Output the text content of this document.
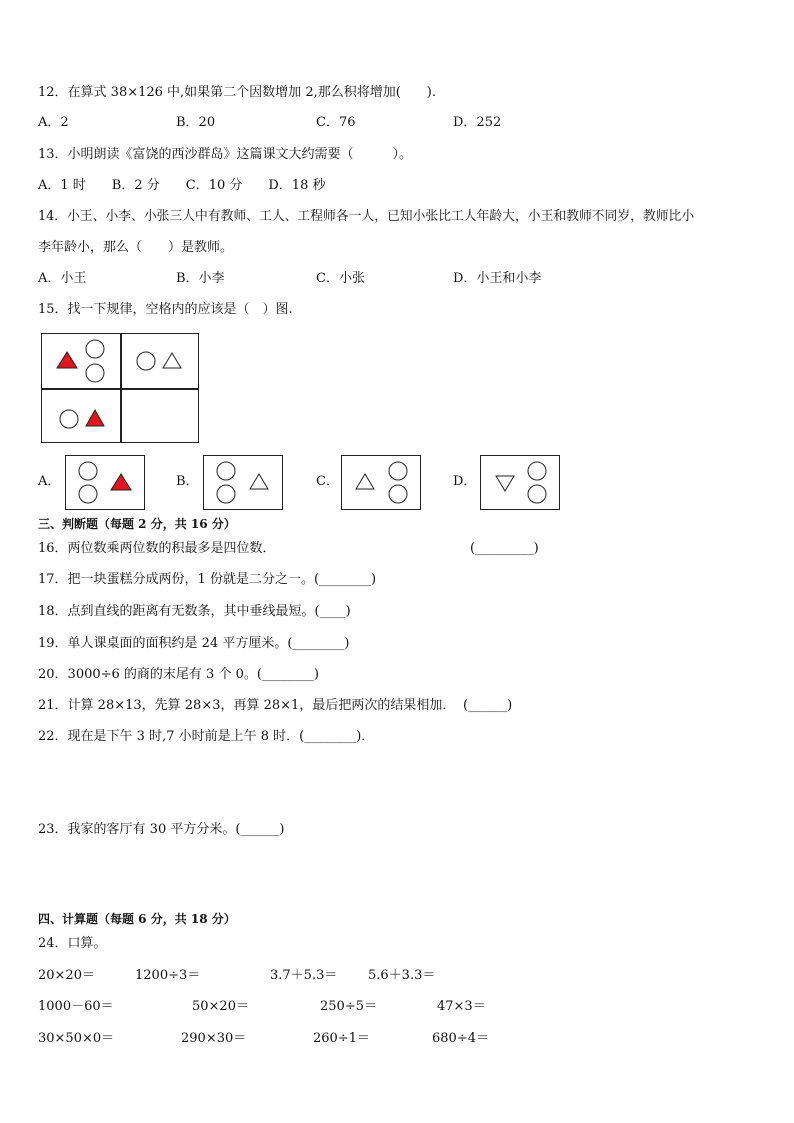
12．在算式 38×126 中,如果第二个因数增加 2,那么积将增加(　　).
A．2	B．20	C．76	D．252
13．小明朗读《富饶的西沙群岛》这篇课文大约需要（　　　）。
A．1 时　　B．2 分　　C．10 分　　D．18 秒
14．小王、小李、小张三人中有教师、工人、工程师各一人，已知小张比工人年龄大，小王和教师不同岁，教师比小
李年龄小，那么（　　）是教师。
A．小王	B．小李	C．小张	D．小王和小李
15．找一下规律，空格内的应该是（　）图.
A．	B．	C．	D．
三、判断题（每题 2 分，共 16 分）
16．两位数乘两位数的积最多是四位数．	(_________)
17．把一块蛋糕分成两份，1 份就是二分之一。(________)
18．点到直线的距离有无数条，其中垂线最短。(____)
19．单人课桌面的面积约是 24 平方厘米。(________)
20．3000÷6 的商的末尾有 3 个 0。(________)
21．计算 28×13，先算 28×3，再算 28×1，最后把两次的结果相加． (______)
22．现在是下午 3 时,7 小时前是上午 8 时．(________)．
23．我家的客厅有 30 平方分米。(______)
四、计算题（每题 6 分，共 18 分）
24．口算。
20×20＝	1200÷3＝	3.7＋5.3＝ 5.6＋3.3＝
1000－60＝	50×20＝	250÷5＝	47×3＝
30×50×0＝	290×30＝	260÷1＝	680÷4＝
